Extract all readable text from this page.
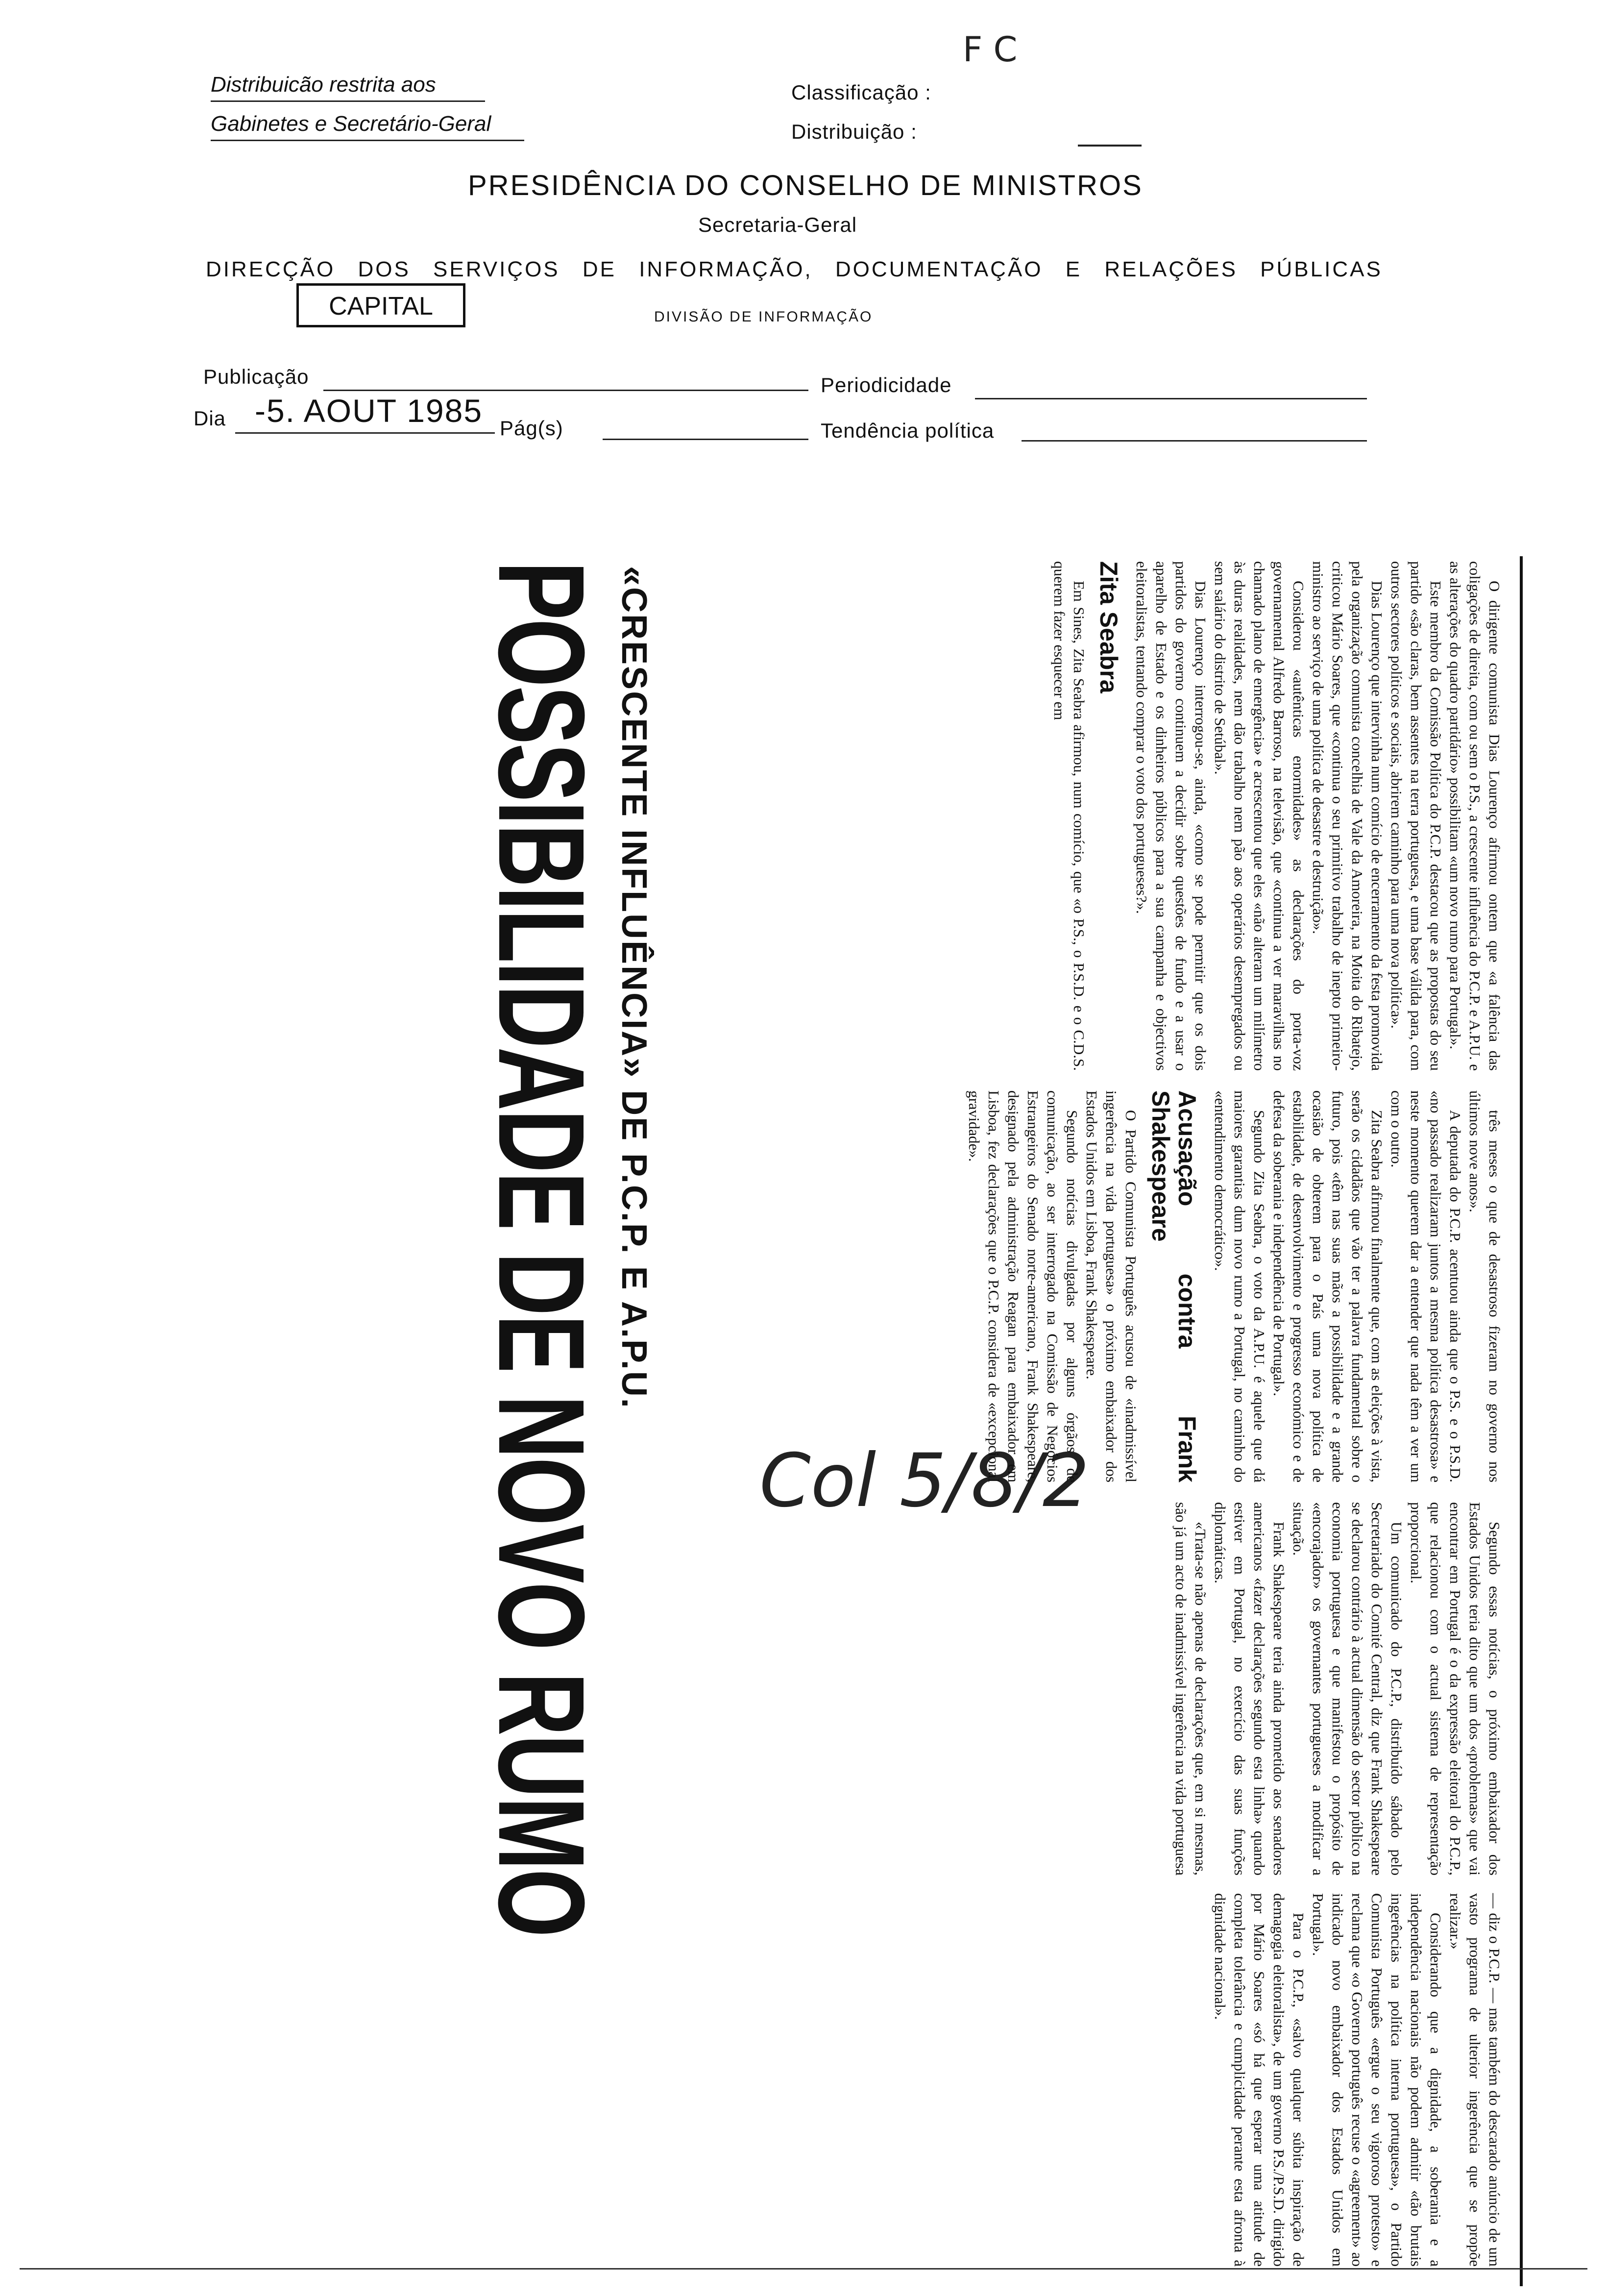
Distribuicão restrita aos
Gabinetes e Secretário-Geral
Classificação :
Distribuição :
F C
PRESIDÊNCIA DO CONSELHO DE MINISTROS
Secretaria-Geral
DIRECÇÃO DOS SERVIÇOS DE INFORMAÇÃO, DOCUMENTAÇÃO E RELAÇÕES PÚBLICAS
CAPITAL	DIVISÃO DE INFORMAÇÃO
Publicação	Periodicidade
Dia -5. AOUT 1985 Pág(s)	Tendência política
«CRESCENTE INFLUÊNCIA» DE P.C.P. E A.P.U.
POSSIBILIDADE DE NOVO RUMO Col 5/8/2

O dirigente comunista Dias Lourenço afirmou ontem que «a falência das coligações de direita, com ou sem o P.S., a crescente influência do P.C.P. e A.P.U. e as alterações do quadro partidário» possibilitam «um novo rumo para Portugal».

Este membro da Comissão Política do P.C.P. destacou que as propostas do seu partido «são claras, bem assentes na terra portuguesa, e uma base válida para, com outros sectores políticos e sociais, abrirem caminho para uma nova política».

Dias Lourenço que intervinha num comício de encerramento da festa promovida pela organização comunista concelhia de Vale da Amoreira, na Moita do Ribatejo, criticou Mário Soares, que «continua o seu primitivo trabalho de inepto primeiro-ministro ao serviço de uma política de desastre e destruição».

Considerou «autênticas enormidades» as declarações do porta-voz governamental Alfredo Barroso, na televisão, que «continua a ver maravilhas no chamado plano de emergência» e acrescentou que eles «não alteram um milímetro às duras realidades, nem dão trabalho nem pão aos operários desempregados ou sem salário do distrito de Setúbal».

Dias Lourenço interrogou-se, ainda, «como se pode permitir que os dois partidos do governo continuem a decidir sobre questões de fundo e a usar o aparelho de Estado e os dinheiros públicos para a sua campanha e objectivos eleitoralistas, tentando comprar o voto dos portugueses?».

Zita Seabra

Em Sines, Zita Seabra afirmou, num comício, que «o P.S., o P.S.D. e o C.D.S. querem fazer esquecer em

três meses o que de desastroso fizeram no governo nos últimos nove anos».

A deputada do P.C.P. acentuou ainda que o P.S. e o P.S.D. «no passado realizaram juntos a mesma política desastrosa» e neste momento querem dar a entender que nada têm a ver um com o outro.

Zita Seabra afirmou finalmente que, com as eleições à vista, serão os cidadãos que vão ter a palavra fundamental sobre o futuro, pois «têm nas suas mãos a possibilidade e a grande ocasião de obterem para o País uma nova política de estabilidade, de desenvolvimento e progresso económico e de defesa da soberania e independência de Portugal».

Segundo Zita Seabra, o voto da A.P.U. é aquele que dá maiores garantias dum novo rumo a Portugal, no caminho do «entendimento democrático».

Acusação contra Frank Shakespeare

O Partido Comunista Português acusou de «inadmissível ingerência na vida portuguesa» o próximo embaixador dos Estados Unidos em Lisboa, Frank Shakespeare.

Segundo notícias divulgadas por alguns órgãos de comunicação, ao ser interrogado na Comissão de Negócios Estrangeiros do Senado norte-americano, Frank Shakespeare, designado pela administração Reagan para embaixador em Lisboa, fez declarações que o P.C.P. considera de «excepcional gravidade».

Segundo essas notícias, o próximo embaixador dos Estados Unidos teria dito que um dos «problemas» que vai encontrar em Portugal é o da expressão eleitoral do P.C.P., que relacionou com o actual sistema de representação proporcional.

Um comunicado do P.C.P., distribuído sábado pelo Secretariado do Comité Central, diz que Frank Shakespeare se declarou contrário à actual dimensão do sector público na economia portuguesa e que manifestou o propósito de «encorajador» os governantes portugueses a modificar a situação.

Frank Shakespeare teria ainda prometido aos senadores americanos «fazer declarações segundo esta linha» quando estiver em Portugal, no exercício das suas funções diplomáticas.

«Trata-se não apenas de declarações que, em si mesmas, são já um acto de inadmissível ingerência na vida portuguesa — diz o P.C.P. — mas também do descarado anúncio de um vasto programa de ulterior ingerência que se propõe realizar.»

Considerando que a dignidade, a soberania e a independência nacionais não podem admitir «tão brutais ingerências na política interna portuguesa», o Partido Comunista Português «ergue o seu vigoroso protesto» e reclama que «o Governo português recuse o «agreement» ao indicado novo embaixador dos Estados Unidos em Portugal».

Para o P.C.P., «salvo qualquer súbita inspiração de demagogia eleitoralista», de um governo P.S./P.S.D. dirigido por Mário Soares «só há que esperar uma atitude de completa tolerância e cumplicidade perante esta afronta à dignidade nacional».
